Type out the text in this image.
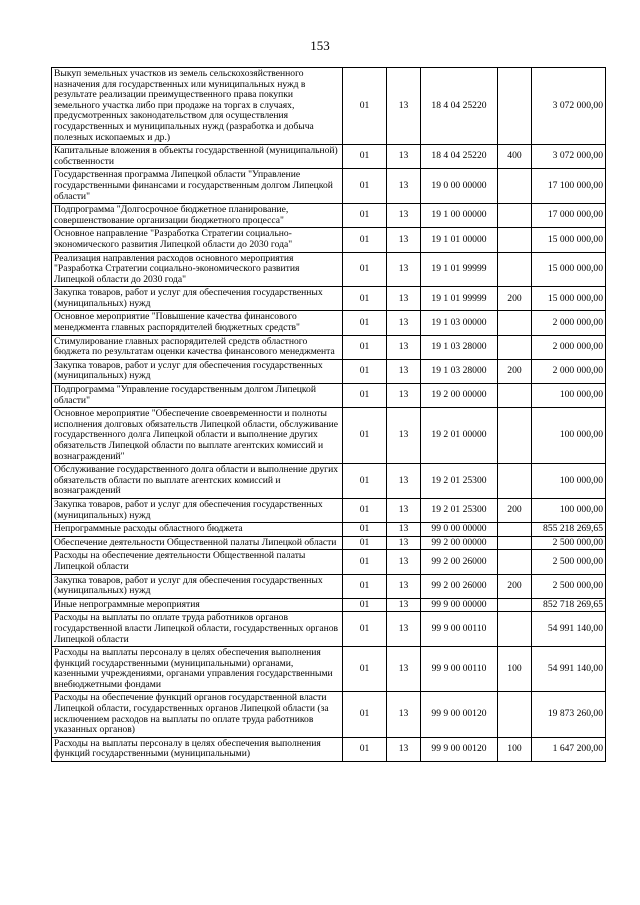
153
Выкуп земельных участков из земель сельскохозяйственного назначения для государственных или муниципальных нужд в результате реализации преимущественного права покупки земельного участка либо при продаже на торгах в случаях, предусмотренных законодательством для осуществления государственных и муниципальных нужд (разработка и добыча полезных ископаемых и др.)	01	13	18 4 04 25220		3 072 000,00
Капитальные вложения в объекты государственной (муниципальной) собственности	01	13	18 4 04 25220	400	3 072 000,00
Государственная программа Липецкой области "Управление государственными финансами и государственным долгом Липецкой области"	01	13	19 0 00 00000		17 100 000,00
Подпрограмма "Долгосрочное бюджетное планирование, совершенствование организации бюджетного процесса"	01	13	19 1 00 00000		17 000 000,00
Основное направление "Разработка Стратегии социально-экономического развития Липецкой области до 2030 года"	01	13	19 1 01 00000		15 000 000,00
Реализация направления расходов основного мероприятия "Разработка Стратегии социально-экономического развития Липецкой области до 2030 года"	01	13	19 1 01 99999		15 000 000,00
Закупка товаров, работ и услуг для обеспечения государственных (муниципальных) нужд	01	13	19 1 01 99999	200	15 000 000,00
Основное мероприятие "Повышение качества финансового менеджмента главных распорядителей бюджетных средств"	01	13	19 1 03 00000		2 000 000,00
Стимулирование главных распорядителей средств областного бюджета по результатам оценки качества финансового менеджмента	01	13	19 1 03 28000		2 000 000,00
Закупка товаров, работ и услуг для обеспечения государственных (муниципальных) нужд	01	13	19 1 03 28000	200	2 000 000,00
Подпрограмма "Управление государственным долгом Липецкой области"	01	13	19 2 00 00000		100 000,00
Основное мероприятие "Обеспечение своевременности и полноты исполнения долговых обязательств Липецкой области, обслуживание государственного долга Липецкой области и выполнение других обязательств Липецкой области по выплате агентских комиссий и вознаграждений"	01	13	19 2 01 00000		100 000,00
Обслуживание государственного долга области и выполнение других обязательств области по выплате агентских комиссий и вознаграждений	01	13	19 2 01 25300		100 000,00
Закупка товаров, работ и услуг для обеспечения государственных (муниципальных) нужд	01	13	19 2 01 25300	200	100 000,00
Непрограммные расходы областного бюджета	01	13	99 0 00 00000		855 218 269,65
Обеспечение деятельности Общественной палаты Липецкой области	01	13	99 2 00 00000		2 500 000,00
Расходы на обеспечение деятельности Общественной палаты Липецкой области	01	13	99 2 00 26000		2 500 000,00
Закупка товаров, работ и услуг для обеспечения государственных (муниципальных) нужд	01	13	99 2 00 26000	200	2 500 000,00
Иные непрограммные мероприятия	01	13	99 9 00 00000		852 718 269,65
Расходы на выплаты по оплате труда работников органов государственной власти Липецкой области, государственных органов Липецкой области	01	13	99 9 00 00110		54 991 140,00
Расходы на выплаты персоналу в целях обеспечения выполнения функций государственными (муниципальными) органами, казенными учреждениями, органами управления государственными внебюджетными фондами	01	13	99 9 00 00110	100	54 991 140,00
Расходы на обеспечение функций органов государственной власти Липецкой области, государственных органов Липецкой области (за исключением расходов на выплаты по оплате труда работников указанных органов)	01	13	99 9 00 00120		19 873 260,00
Расходы на выплаты персоналу в целях обеспечения выполнения функций государственными (муниципальными)	01	13	99 9 00 00120	100	1 647 200,00
